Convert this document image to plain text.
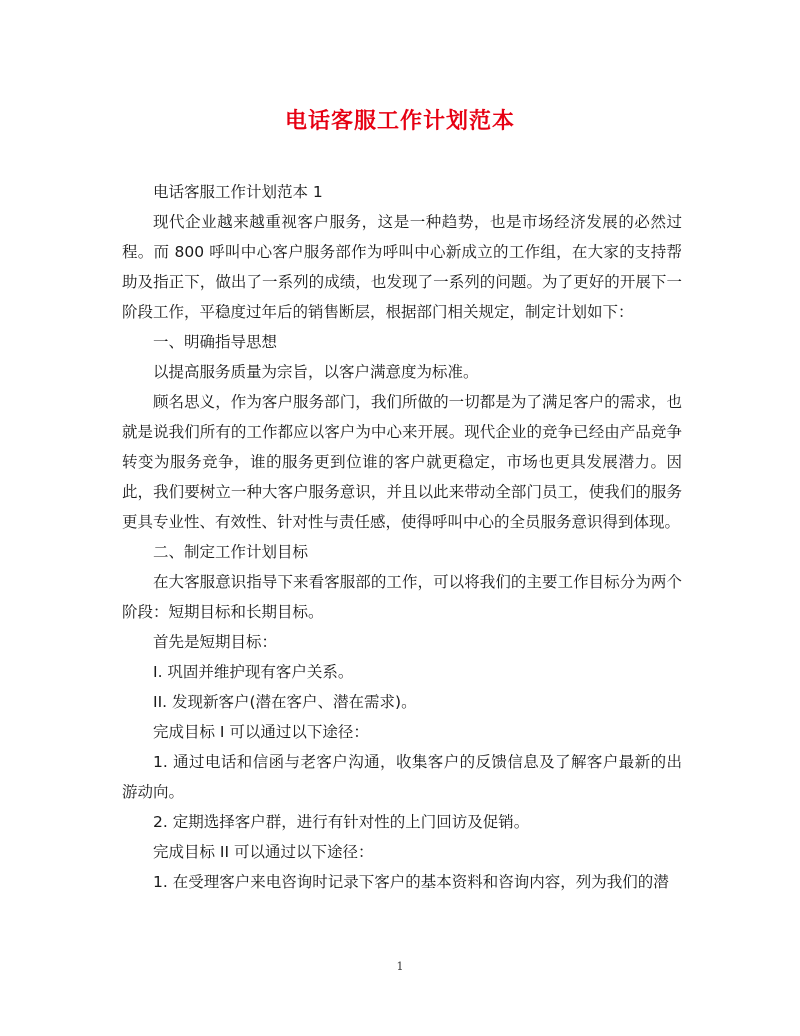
电话客服工作计划范本

电话客服工作计划范本 1

现代企业越来越重视客户服务，这是一种趋势，也是市场经济发展的必然过程。而 800 呼叫中心客户服务部作为呼叫中心新成立的工作组，在大家的支持帮助及指正下，做出了一系列的成绩，也发现了一系列的问题。为了更好的开展下一阶段工作，平稳度过年后的销售断层，根据部门相关规定，制定计划如下：

一、明确指导思想

以提高服务质量为宗旨，以客户满意度为标准。

顾名思义，作为客户服务部门，我们所做的一切都是为了满足客户的需求，也就是说我们所有的工作都应以客户为中心来开展。现代企业的竞争已经由产品竞争转变为服务竞争，谁的服务更到位谁的客户就更稳定，市场也更具发展潜力。因此，我们要树立一种大客户服务意识，并且以此来带动全部门员工，使我们的服务更具专业性、有效性、针对性与责任感，使得呼叫中心的全员服务意识得到体现。

二、制定工作计划目标

在大客服意识指导下来看客服部的工作，可以将我们的主要工作目标分为两个阶段：短期目标和长期目标。

首先是短期目标：

I. 巩固并维护现有客户关系。

II. 发现新客户(潜在客户、潜在需求)。

完成目标 I 可以通过以下途径：

1. 通过电话和信函与老客户沟通，收集客户的反馈信息及了解客户最新的出游动向。

2. 定期选择客户群，进行有针对性的上门回访及促销。

完成目标 II 可以通过以下途径：

1. 在受理客户来电咨询时记录下客户的基本资料和咨询内容，列为我们的潜

1
